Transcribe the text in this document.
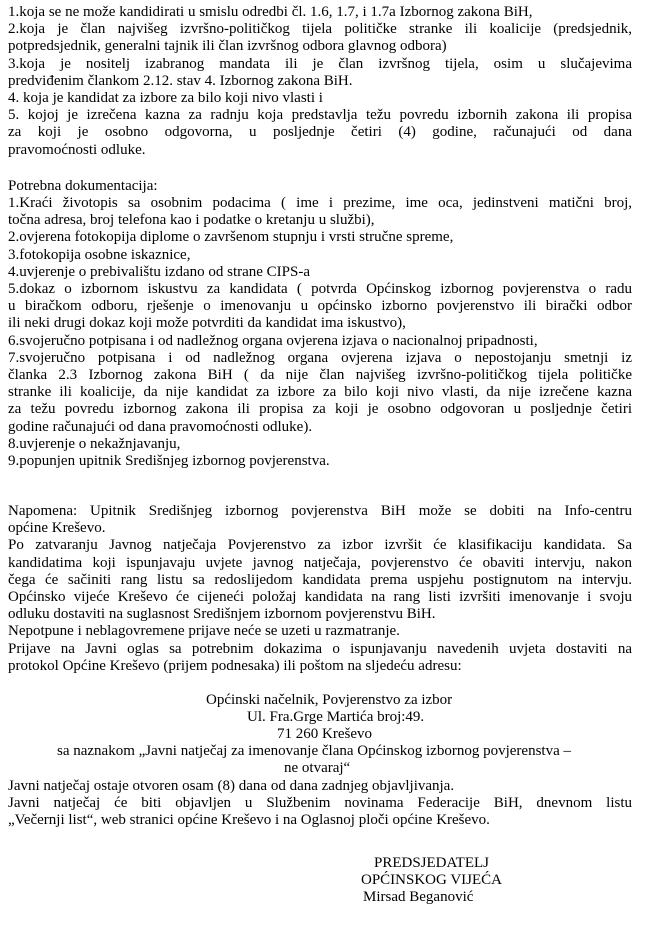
1.koja se ne može kandidirati u smislu odredbi čl. 1.6, 1.7, i 1.7a Izbornog zakona BiH,
2.koja je član najvišeg izvršno-političkog tijela političke stranke ili koalicije (predsjednik,
potpredsjednik, generalni tajnik ili član izvršnog odbora glavnog odbora)
3.koja je nositelj izabranog mandata ili je član izvršnog tijela, osim u slučajevima
predviđenim člankom 2.12. stav 4. Izbornog zakona BiH.
4. koja je kandidat za izbore za bilo koji nivo vlasti i
5. kojoj je izrečena kazna za radnju koja predstavlja težu povredu izbornih zakona ili propisa
za koji je osobno odgovorna, u posljednje četiri (4) godine, računajući od dana
pravomoćnosti odluke.
Potrebna dokumentacija:
1.Kraći životopis sa osobnim podacima ( ime i prezime, ime oca, jedinstveni matični broj,
točna adresa, broj telefona kao i podatke o kretanju u službi),
2.ovjerena fotokopija diplome o završenom stupnju i vrsti stručne spreme,
3.fotokopija osobne iskaznice,
4.uvjerenje o prebivalištu izdano od strane CIPS-a
5.dokaz o izbornom iskustvu za kandidata ( potvrda Općinskog izbornog povjerenstva o radu
u biračkom odboru, rješenje o imenovanju u općinsko izborno povjerenstvo ili birački odbor
ili neki drugi dokaz koji može potvrditi da kandidat ima iskustvo),
6.svojeručno potpisana i od nadležnog organa ovjerena izjava o nacionalnoj pripadnosti,
7.svojeručno potpisana i od nadležnog organa ovjerena izjava o nepostojanju smetnji iz
članka 2.3 Izbornog zakona BiH ( da nije član najvišeg izvršno-političkog tijela političke
stranke ili koalicije, da nije kandidat za izbore za bilo koji nivo vlasti, da nije izrečene kazna
za težu povredu izbornog zakona ili propisa za koji je osobno odgovoran u posljednje četiri
godine računajući od dana pravomoćnosti odluke).
8.uvjerenje o nekažnjavanju,
9.popunjen upitnik Središnjeg izbornog povjerenstva.
Napomena: Upitnik Središnjeg izbornog povjerenstva BiH može se dobiti na Info-centru
općine Kreševo.
Po zatvaranju Javnog natječaja Povjerenstvo za izbor izvršit će klasifikaciju kandidata. Sa
kandidatima koji ispunjavaju uvjete javnog natječaja, povjerenstvo će obaviti intervju, nakon
čega će sačiniti rang listu sa redoslijedom kandidata prema uspjehu postignutom na intervju.
Općinsko vijeće Kreševo će cijeneći položaj kandidata na rang listi izvršiti imenovanje i svoju
odluku dostaviti na suglasnost Središnjem izbornom povjerenstvu BiH.
Nepotpune i neblagovremene prijave neće se uzeti u razmatranje.
Prijave na Javni oglas sa potrebnim dokazima o ispunjavanju navedenih uvjeta dostaviti na
protokol Općine Kreševo (prijem podnesaka) ili poštom na sljedeću adresu:

Općinski načelnik, Povjerenstvo za izbor

Ul. Fra.Grge Martića broj:49.

71 260 Kreševo

sa naznakom „Javni natječaj za imenovanje člana Općinskog izbornog povjerenstva –

ne otvaraj“

Javni natječaj ostaje otvoren osam (8) dana od dana zadnjeg objavljivanja.
Javni natječaj će biti objavljen u Službenim novinama Federacije BiH, dnevnom listu
„Večernji list“, web stranici općine Kreševo i na Oglasnoj ploči općine Kreševo.

PREDSJEDATELJ

OPĆINSKOG VIJEĆA

Mirsad Beganović
